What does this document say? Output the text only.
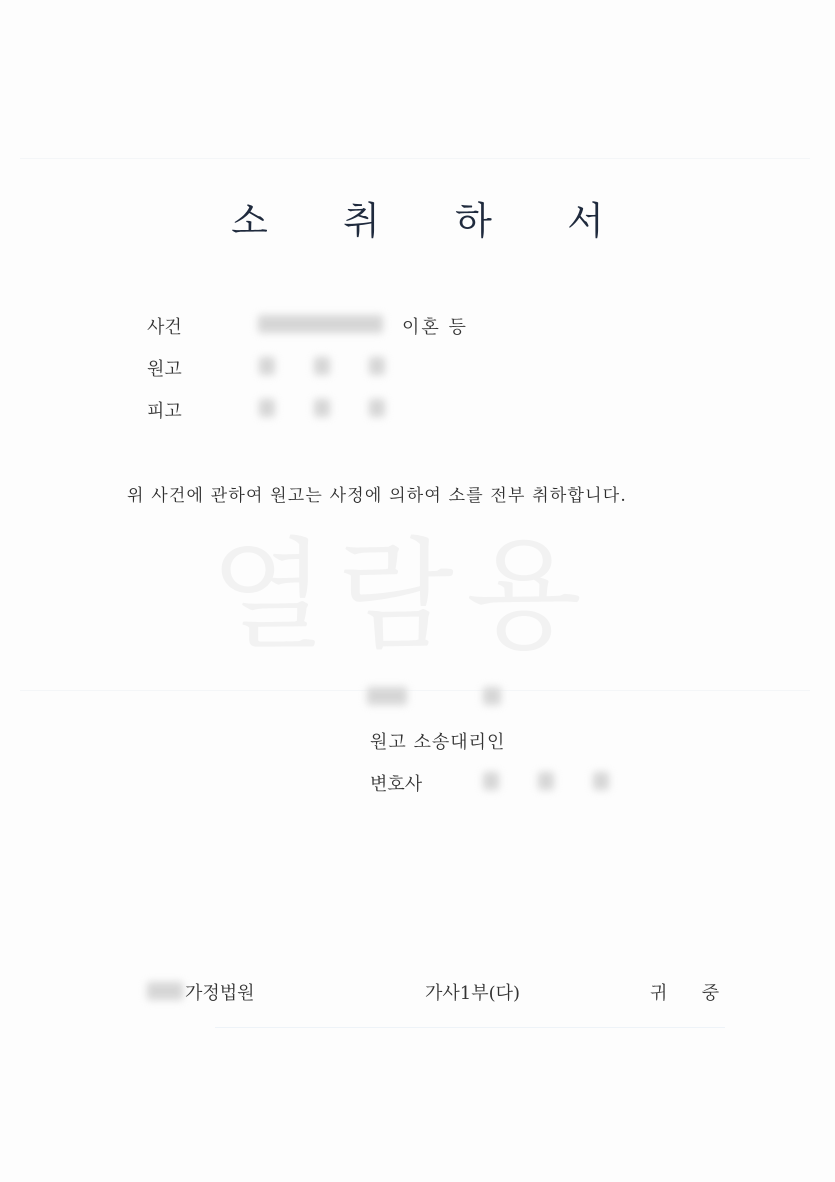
열람용
소	취	하	서
사건	이혼 등
원고
피고
위 사건에 관하여 원고는 사정에 의하여 소를 전부 취하합니다.
원고 소송대리인
변호사
가정법원	가사1부(다)	귀      중
